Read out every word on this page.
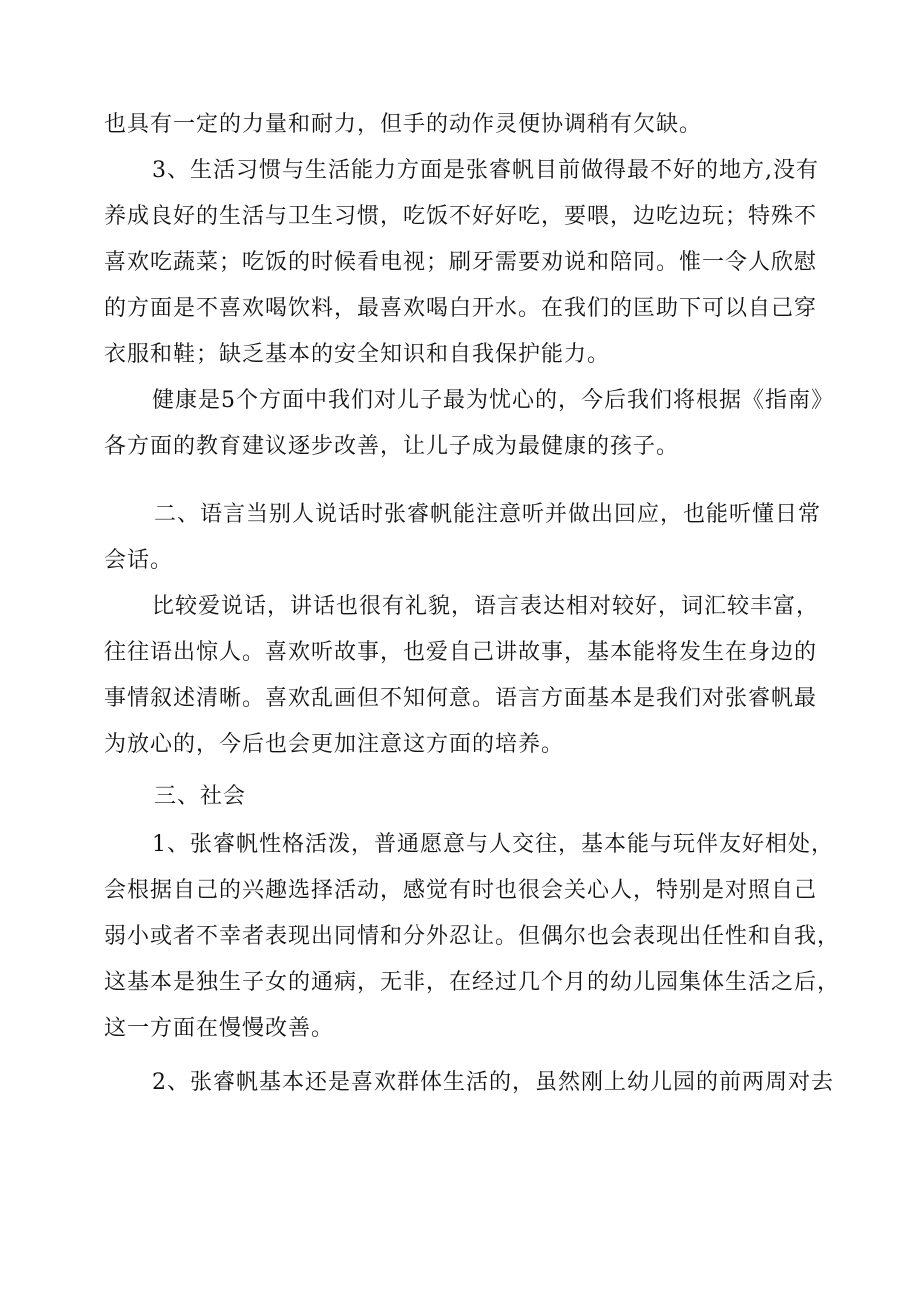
也具有一定的力量和耐力，但手的动作灵便协调稍有欠缺。

3、生活习惯与生活能力方面是张睿帆目前做得最不好的地方,没有
养成良好的生活与卫生习惯，吃饭不好好吃，要喂，边吃边玩；特殊不
喜欢吃蔬菜；吃饭的时候看电视；刷牙需要劝说和陪同。惟一令人欣慰
的方面是不喜欢喝饮料，最喜欢喝白开水。在我们的匡助下可以自己穿
衣服和鞋；缺乏基本的安全知识和自我保护能力。

健康是5个方面中我们对儿子最为忧心的，今后我们将根据《指南》
各方面的教育建议逐步改善，让儿子成为最健康的孩子。

二、语言当别人说话时张睿帆能注意听并做出回应，也能听懂日常
会话。

比较爱说话，讲话也很有礼貌，语言表达相对较好，词汇较丰富，
往往语出惊人。喜欢听故事，也爱自己讲故事，基本能将发生在身边的
事情叙述清晰。喜欢乱画但不知何意。语言方面基本是我们对张睿帆最
为放心的，今后也会更加注意这方面的培养。

三、社会

1、张睿帆性格活泼，普通愿意与人交往，基本能与玩伴友好相处，
会根据自己的兴趣选择活动，感觉有时也很会关心人，特别是对照自己
弱小或者不幸者表现出同情和分外忍让。但偶尔也会表现出任性和自我，
这基本是独生子女的通病，无非，在经过几个月的幼儿园集体生活之后，
这一方面在慢慢改善。

2、张睿帆基本还是喜欢群体生活的，虽然刚上幼儿园的前两周对去
